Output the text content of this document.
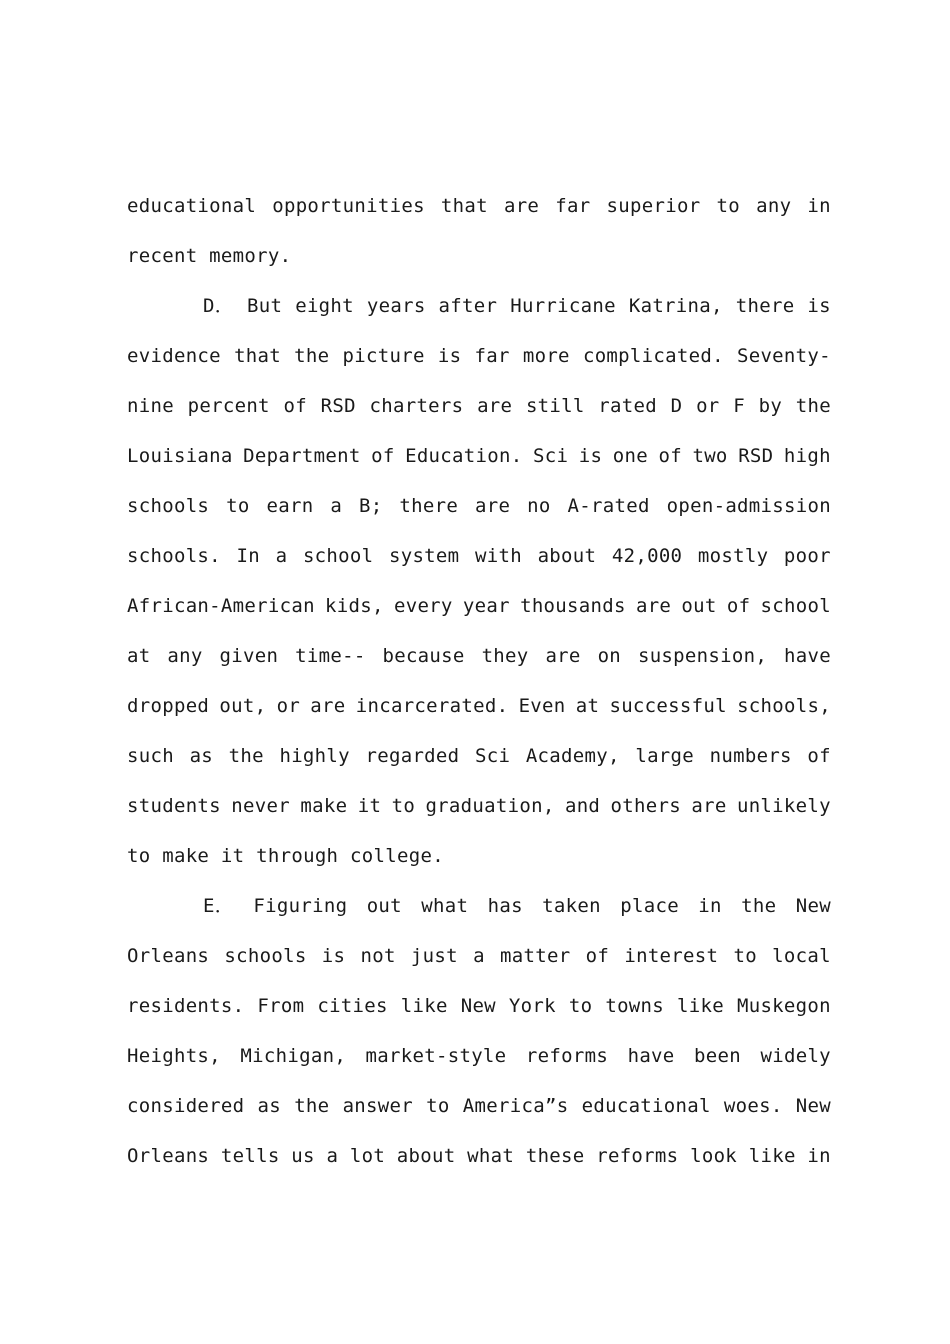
educational opportunities that are far superior to any in
recent memory.
D． But eight years after Hurricane Katrina, there is
evidence that the picture is far more complicated. Seventy-
nine percent of RSD charters are still rated D or F by the
Louisiana Department of Education. Sci is one of two RSD high
schools to earn a B; there are no A-rated open-admission
schools. In a school system with about 42,000 mostly poor
African-American kids, every year thousands are out of school
at any given time-- because they are on suspension, have
dropped out, or are incarcerated. Even at successful schools,
such as the highly regarded Sci Academy, large numbers of
students never make it to graduation, and others are unlikely
to make it through college.
E． Figuring out what has taken place in the New
Orleans schools is not just a matter of interest to local
residents. From cities like New York to towns like Muskegon
Heights, Michigan, market-style reforms have been widely
considered as the answer to America”s educational woes. New
Orleans tells us a lot about what these reforms look like in
